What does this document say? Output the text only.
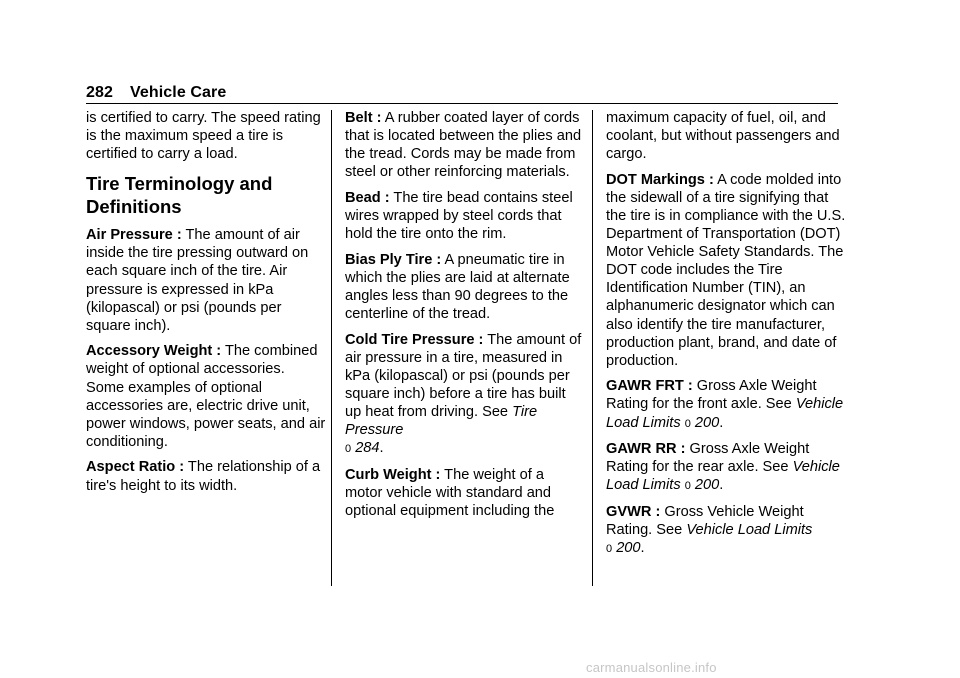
282 Vehicle Care

is certified to carry. The speed rating is the maximum speed a tire is certified to carry a load.

Tire Terminology and
Definitions

Air Pressure : The amount of air inside the tire pressing outward on each square inch of the tire. Air pressure is expressed in kPa (kilopascal) or psi (pounds per square inch).

Accessory Weight : The combined weight of optional accessories. Some examples of optional accessories are, electric drive unit, power windows, power seats, and air conditioning.

Aspect Ratio : The relationship of a tire's height to its width.

Belt : A rubber coated layer of cords that is located between the plies and the tread. Cords may be made from steel or other reinforcing materials.

Bead : The tire bead contains steel wires wrapped by steel cords that hold the tire onto the rim.

Bias Ply Tire : A pneumatic tire in which the plies are laid at alternate angles less than 90 degrees to the centerline of the tread.

Cold Tire Pressure : The amount of air pressure in a tire, measured in kPa (kilopascal) or psi (pounds per square inch) before a tire has built up heat from driving. See Tire Pressure
0 284.

Curb Weight : The weight of a motor vehicle with standard and optional equipment including the

maximum capacity of fuel, oil, and coolant, but without passengers and cargo.

DOT Markings : A code molded into the sidewall of a tire signifying that the tire is in compliance with the U.S. Department of Transportation (DOT) Motor Vehicle Safety Standards. The DOT code includes the Tire Identification Number (TIN), an alphanumeric designator which can also identify the tire manufacturer, production plant, brand, and date of production.

GAWR FRT : Gross Axle Weight Rating for the front axle. See Vehicle Load Limits 0 200.

GAWR RR : Gross Axle Weight Rating for the rear axle. See Vehicle Load Limits 0 200.

GVWR : Gross Vehicle Weight Rating. See Vehicle Load Limits
0 200.

carmanualsonline.info
